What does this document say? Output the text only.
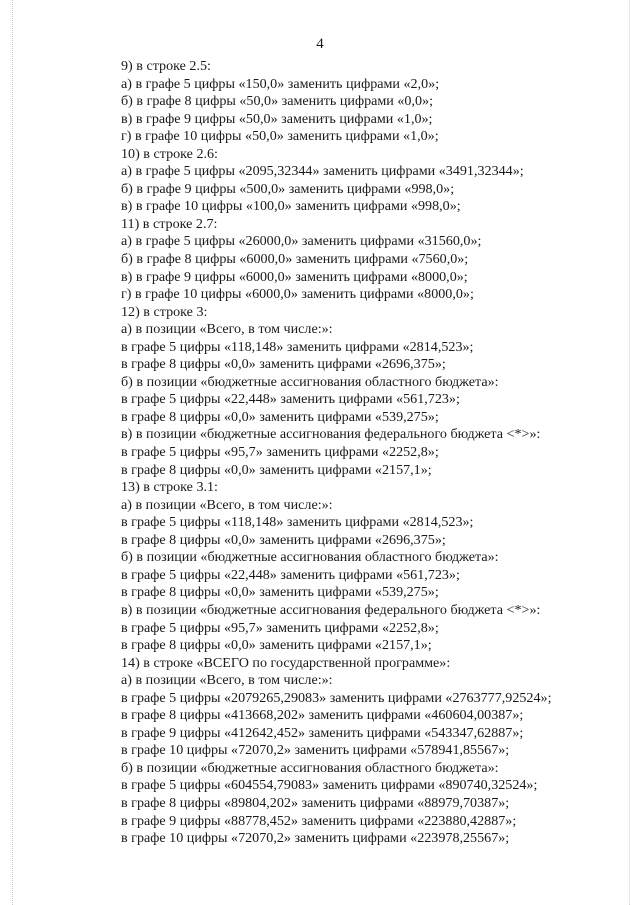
4
9) в строке 2.5:
а) в графе 5 цифры «150,0» заменить цифрами «2,0»;
б) в графе 8 цифры «50,0» заменить цифрами «0,0»;
в) в графе 9 цифры «50,0» заменить цифрами «1,0»;
г) в графе 10 цифры «50,0» заменить цифрами «1,0»;
10) в строке 2.6:
а) в графе 5 цифры «2095,32344» заменить цифрами «3491,32344»;
б) в графе 9 цифры «500,0» заменить цифрами «998,0»;
в) в графе 10 цифры «100,0» заменить цифрами «998,0»;
11) в строке 2.7:
а) в графе 5 цифры «26000,0» заменить цифрами «31560,0»;
б) в графе 8 цифры «6000,0» заменить цифрами «7560,0»;
в) в графе 9 цифры «6000,0» заменить цифрами «8000,0»;
г) в графе 10 цифры «6000,0» заменить цифрами «8000,0»;
12) в строке 3:
а) в позиции «Всего, в том числе:»:
в графе 5 цифры «118,148» заменить цифрами «2814,523»;
в графе 8 цифры «0,0» заменить цифрами «2696,375»;
б) в позиции «бюджетные ассигнования областного бюджета»:
в графе 5 цифры «22,448» заменить цифрами «561,723»;
в графе 8 цифры «0,0» заменить цифрами «539,275»;
в) в позиции «бюджетные ассигнования федерального бюджета <*>»:
в графе 5 цифры «95,7» заменить цифрами «2252,8»;
в графе 8 цифры «0,0» заменить цифрами «2157,1»;
13) в строке 3.1:
а) в позиции «Всего, в том числе:»:
в графе 5 цифры «118,148» заменить цифрами «2814,523»;
в графе 8 цифры «0,0» заменить цифрами «2696,375»;
б) в позиции «бюджетные ассигнования областного бюджета»:
в графе 5 цифры «22,448» заменить цифрами «561,723»;
в графе 8 цифры «0,0» заменить цифрами «539,275»;
в) в позиции «бюджетные ассигнования федерального бюджета <*>»:
в графе 5 цифры «95,7» заменить цифрами «2252,8»;
в графе 8 цифры «0,0» заменить цифрами «2157,1»;
14) в строке «ВСЕГО по государственной программе»:
а) в позиции «Всего, в том числе:»:
в графе 5 цифры «2079265,29083» заменить цифрами «2763777,92524»;
в графе 8 цифры «413668,202» заменить цифрами «460604,00387»;
в графе 9 цифры «412642,452» заменить цифрами «543347,62887»;
в графе 10 цифры «72070,2» заменить цифрами «578941,85567»;
б) в позиции «бюджетные ассигнования областного бюджета»:
в графе 5 цифры «604554,79083» заменить цифрами «890740,32524»;
в графе 8 цифры «89804,202» заменить цифрами «88979,70387»;
в графе 9 цифры «88778,452» заменить цифрами «223880,42887»;
в графе 10 цифры «72070,2» заменить цифрами «223978,25567»;
